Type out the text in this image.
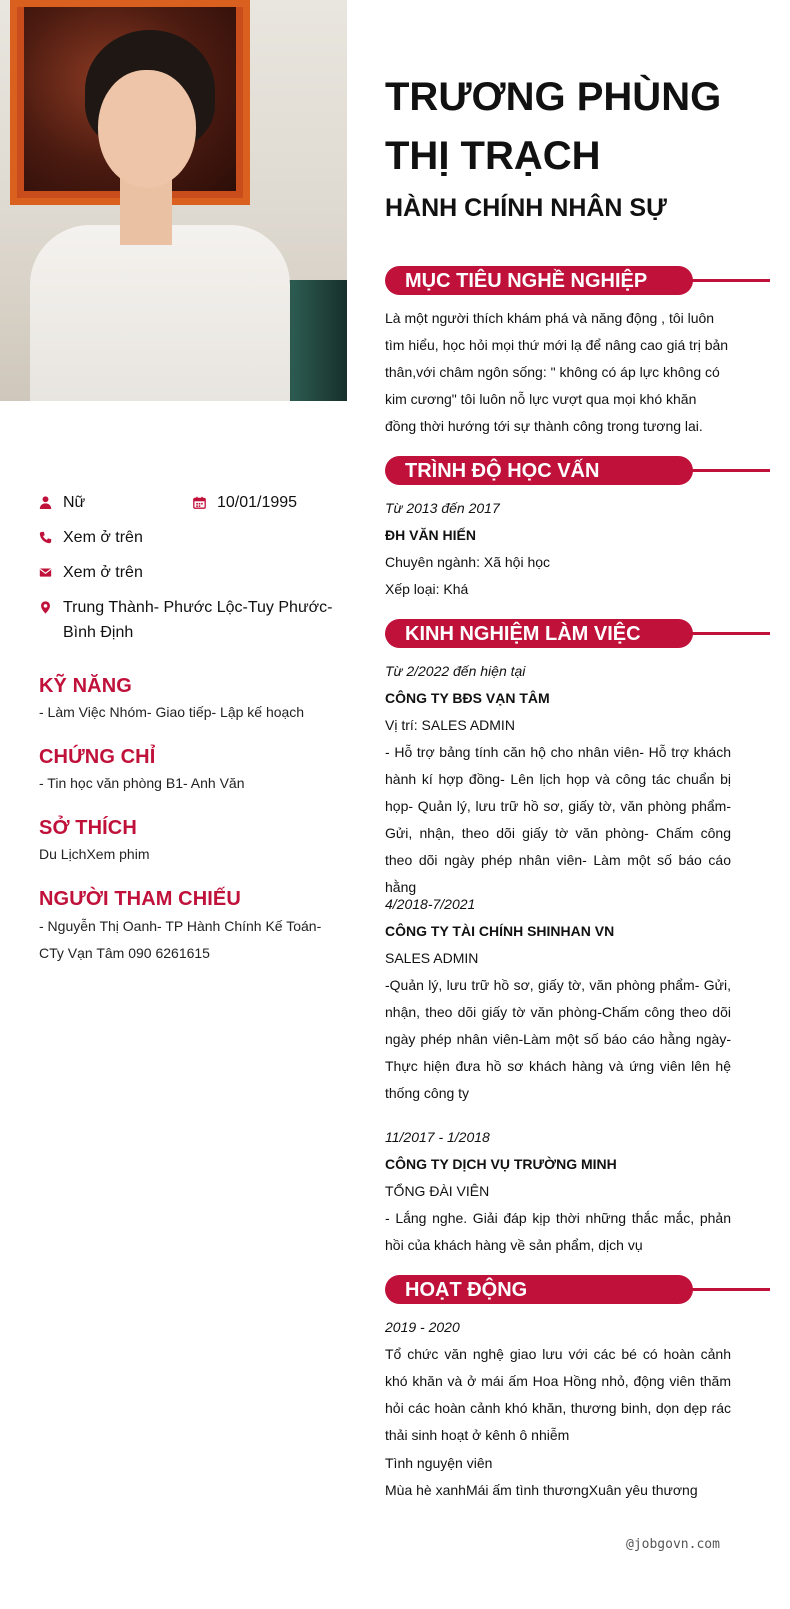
Nữ	10/01/1995
Xem ở trên
Xem ở trên
Trung Thành- Phước Lộc-Tuy Phước-Bình Định
KỸ NĂNG
- Làm Việc Nhóm- Giao tiếp- Lập kế hoạch
CHỨNG CHỈ
- Tin học văn phòng B1- Anh Văn
SỞ THÍCH
Du LịchXem phim
NGƯỜI THAM CHIẾU
- Nguyễn Thị Oanh- TP Hành Chính Kế Toán- CTy Vạn Tâm 090 6261615
TRƯƠNG PHÙNG THỊ TRẠCH
HÀNH CHÍNH NHÂN SỰ
MỤC TIÊU NGHỀ NGHIỆP
Là một người thích khám phá và năng động , tôi luôn tìm hiểu, học hỏi mọi thứ mới lạ để nâng cao giá trị bản thân,với châm ngôn sống: " không có áp lực không có kim cương" tôi luôn nỗ lực vượt qua mọi khó khăn đồng thời hướng tới sự thành công trong tương lai.
TRÌNH ĐỘ HỌC VẤN
Từ 2013 đến 2017
ĐH VĂN HIẾN
Chuyên ngành: Xã hội học
Xếp loại: Khá
KINH NGHIỆM LÀM VIỆC
Từ 2/2022 đến hiện tại
CÔNG TY BĐS VẠN TÂM
Vị trí: SALES ADMIN
- Hỗ trợ bảng tính căn hộ cho nhân viên- Hỗ trợ khách hành kí hợp đồng- Lên lịch họp và công tác chuẩn bị họp- Quản lý, lưu trữ hồ sơ, giấy tờ, văn phòng phẩm- Gửi, nhận, theo dõi giấy tờ văn phòng- Chấm công theo dõi ngày phép nhân viên- Làm một số báo cáo hằng
4/2018-7/2021
CÔNG TY TÀI CHÍNH SHINHAN VN
SALES ADMIN
-Quản lý, lưu trữ hồ sơ, giấy tờ, văn phòng phẩm- Gửi, nhận, theo dõi giấy tờ văn phòng-Chấm công theo dõi ngày phép nhân viên-Làm một số báo cáo hằng ngày-Thực hiện đưa hồ sơ khách hàng và ứng viên lên hệ thống công ty
11/2017 - 1/2018
CÔNG TY DỊCH VỤ TRƯỜNG MINH
TỔNG ĐÀI VIÊN
- Lắng nghe. Giải đáp kịp thời những thắc mắc, phản hồi của khách hàng về sản phẩm, dịch vụ
HOẠT ĐỘNG
2019 - 2020
Tổ chức văn nghệ giao lưu với các bé có hoàn cảnh khó khăn và ở mái ấm Hoa Hồng nhỏ, động viên thăm hỏi các hoàn cảnh khó khăn, thương binh, dọn dẹp rác thải sinh hoạt ở kênh ô nhiễm
Tình nguyện viên
Mùa hè xanhMái ấm tình thươngXuân yêu thương
@jobgovn.com
